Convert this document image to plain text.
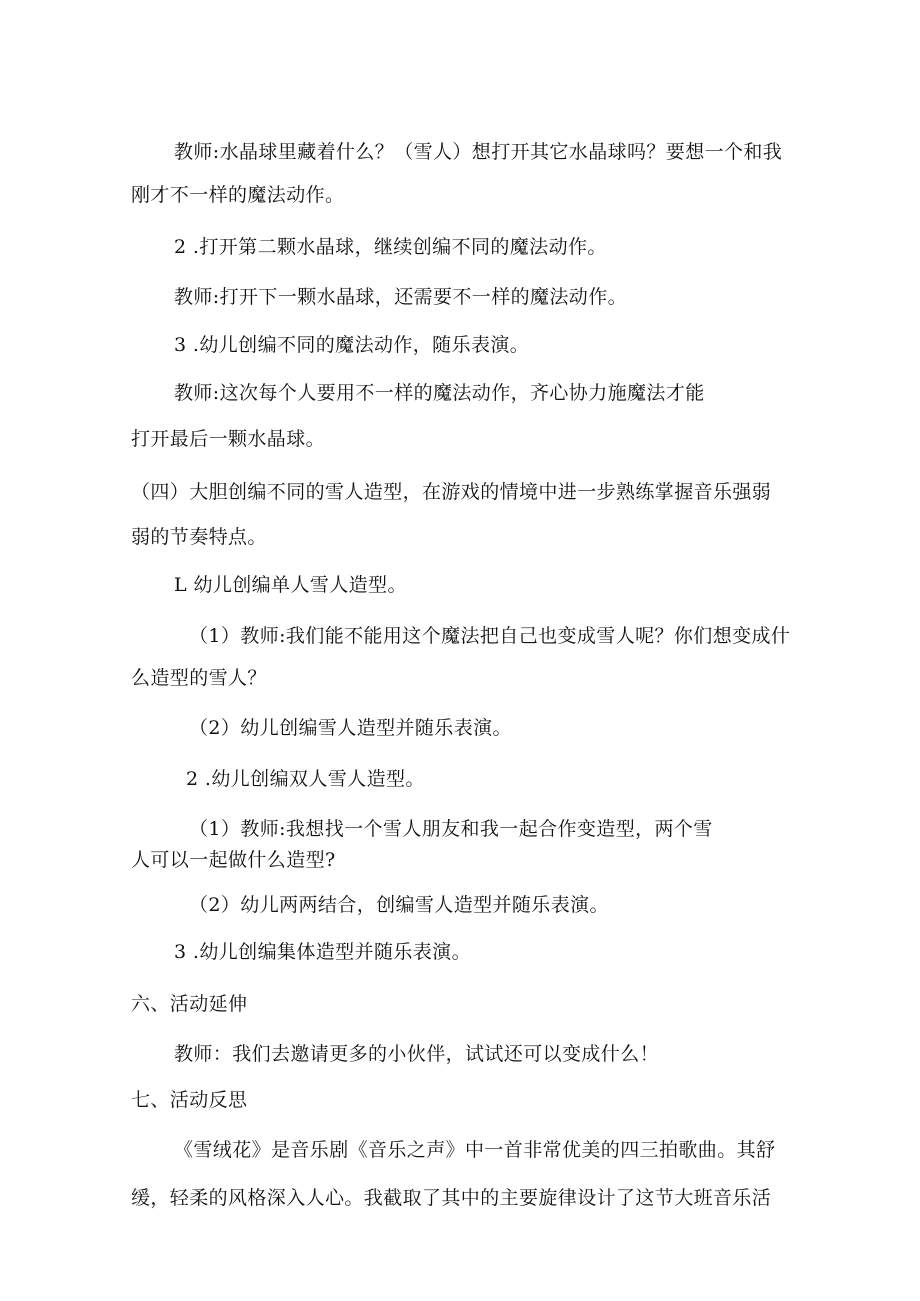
教师:水晶球里藏着什么？（雪人）想打开其它水晶球吗？要想一个和我
刚才不一样的魔法动作。
2 .打开第二颗水晶球，继续创编不同的魔法动作。
教师:打开下一颗水晶球，还需要不一样的魔法动作。
3 .幼儿创编不同的魔法动作，随乐表演。
教师:这次每个人要用不一样的魔法动作，齐心协力施魔法才能
打开最后一颗水晶球。
（四）大胆创编不同的雪人造型，在游戏的情境中进一步熟练掌握音乐强弱
弱的节奏特点。
L 幼儿创编单人雪人造型。
（1）教师:我们能不能用这个魔法把自己也变成雪人呢？你们想变成什
么造型的雪人？
（2）幼儿创编雪人造型并随乐表演。
2 .幼儿创编双人雪人造型。
（1）教师:我想找一个雪人朋友和我一起合作变造型，两个雪
人可以一起做什么造型?
（2）幼儿两两结合，创编雪人造型并随乐表演。
3 .幼儿创编集体造型并随乐表演。
六、活动延伸
教师：我们去邀请更多的小伙伴，试试还可以变成什么！
七、活动反思
《雪绒花》是音乐剧《音乐之声》中一首非常优美的四三拍歌曲。其舒
缓，轻柔的风格深入人心。我截取了其中的主要旋律设计了这节大班音乐活
